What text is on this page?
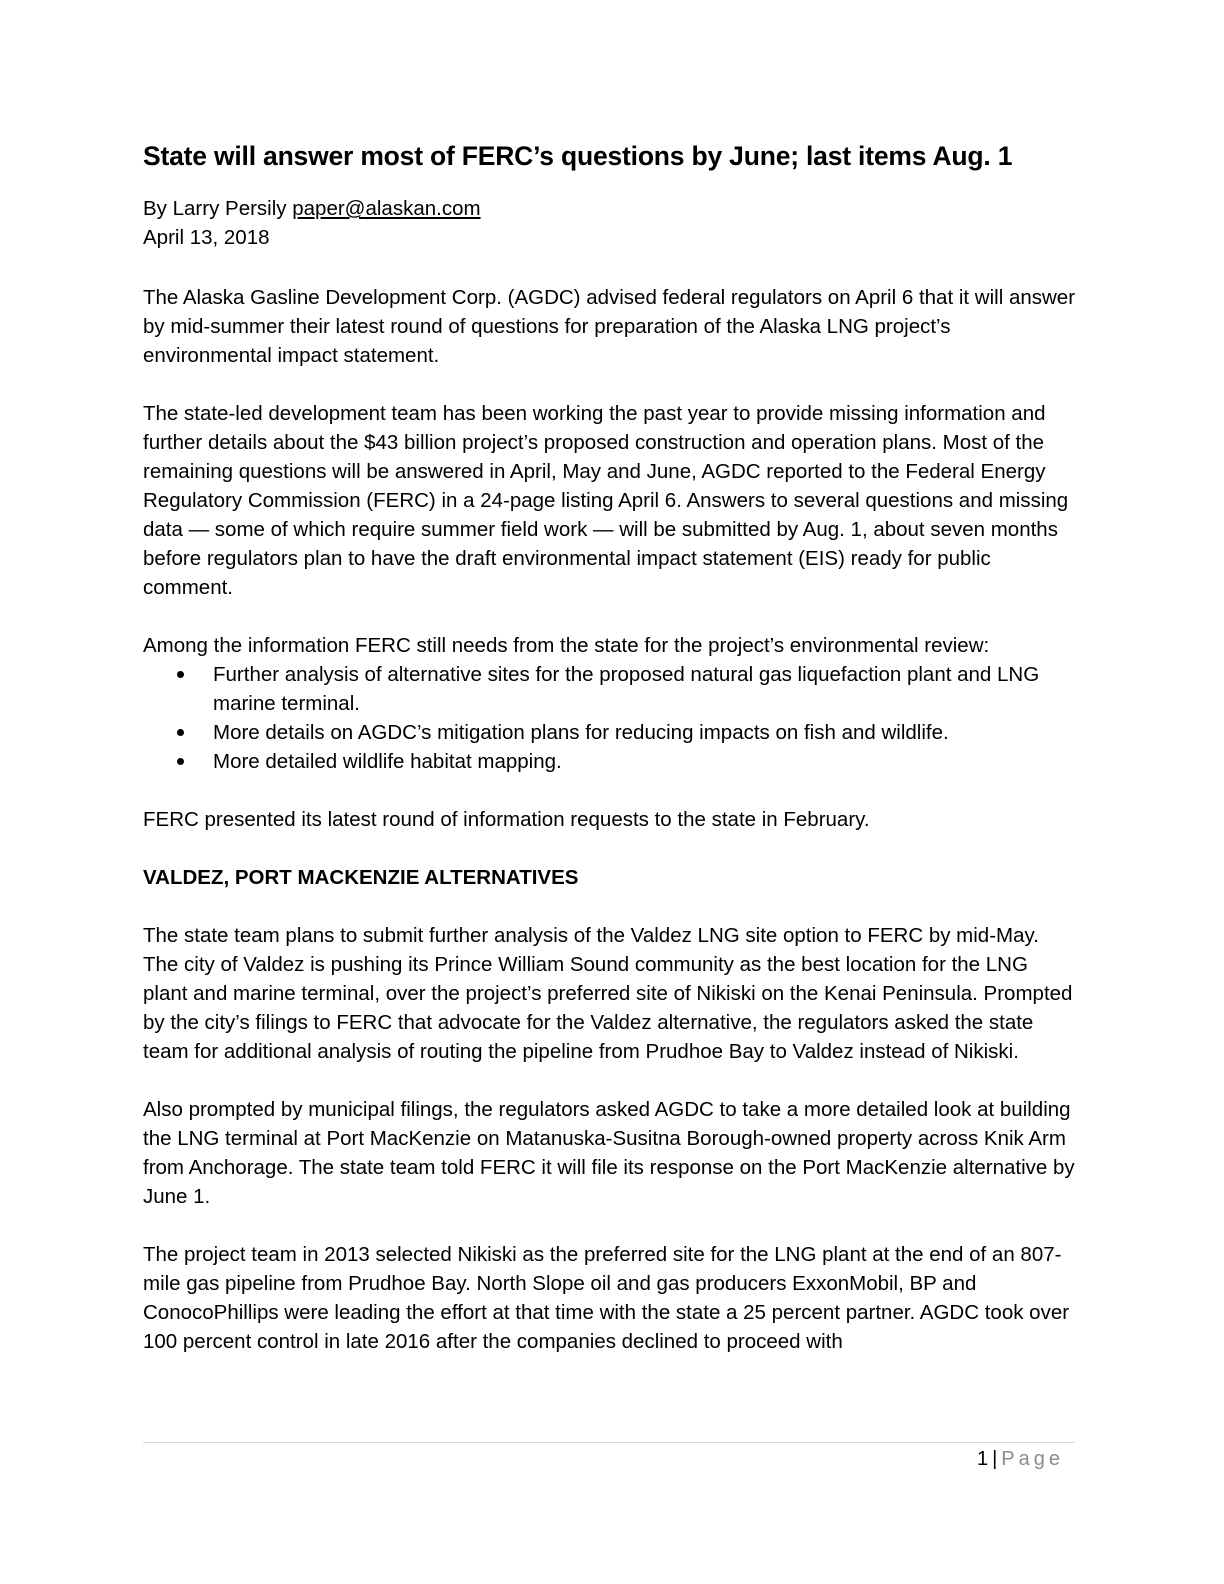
State will answer most of FERC’s questions by June; last items Aug. 1
By Larry Persily paper@alaskan.com
April 13, 2018

The Alaska Gasline Development Corp. (AGDC) advised federal regulators on April 6 that it will answer by mid-summer their latest round of questions for preparation of the Alaska LNG project’s environmental impact statement.

The state-led development team has been working the past year to provide missing information and further details about the $43 billion project’s proposed construction and operation plans. Most of the remaining questions will be answered in April, May and June, AGDC reported to the Federal Energy Regulatory Commission (FERC) in a 24-page listing April 6. Answers to several questions and missing data — some of which require summer field work — will be submitted by Aug. 1, about seven months before regulators plan to have the draft environmental impact statement (EIS) ready for public comment.

Among the information FERC still needs from the state for the project’s environmental review:
Further analysis of alternative sites for the proposed natural gas liquefaction plant and LNG marine terminal.
More details on AGDC’s mitigation plans for reducing impacts on fish and wildlife.
More detailed wildlife habitat mapping.

FERC presented its latest round of information requests to the state in February.

VALDEZ, PORT MACKENZIE ALTERNATIVES

The state team plans to submit further analysis of the Valdez LNG site option to FERC by mid-May. The city of Valdez is pushing its Prince William Sound community as the best location for the LNG plant and marine terminal, over the project’s preferred site of Nikiski on the Kenai Peninsula. Prompted by the city’s filings to FERC that advocate for the Valdez alternative, the regulators asked the state team for additional analysis of routing the pipeline from Prudhoe Bay to Valdez instead of Nikiski.

Also prompted by municipal filings, the regulators asked AGDC to take a more detailed look at building the LNG terminal at Port MacKenzie on Matanuska-Susitna Borough-owned property across Knik Arm from Anchorage. The state team told FERC it will file its response on the Port MacKenzie alternative by June 1.

The project team in 2013 selected Nikiski as the preferred site for the LNG plant at the end of an 807-mile gas pipeline from Prudhoe Bay. North Slope oil and gas producers ExxonMobil, BP and ConocoPhillips were leading the effort at that time with the state a 25 percent partner. AGDC took over 100 percent control in late 2016 after the companies declined to proceed with

1 | Page
